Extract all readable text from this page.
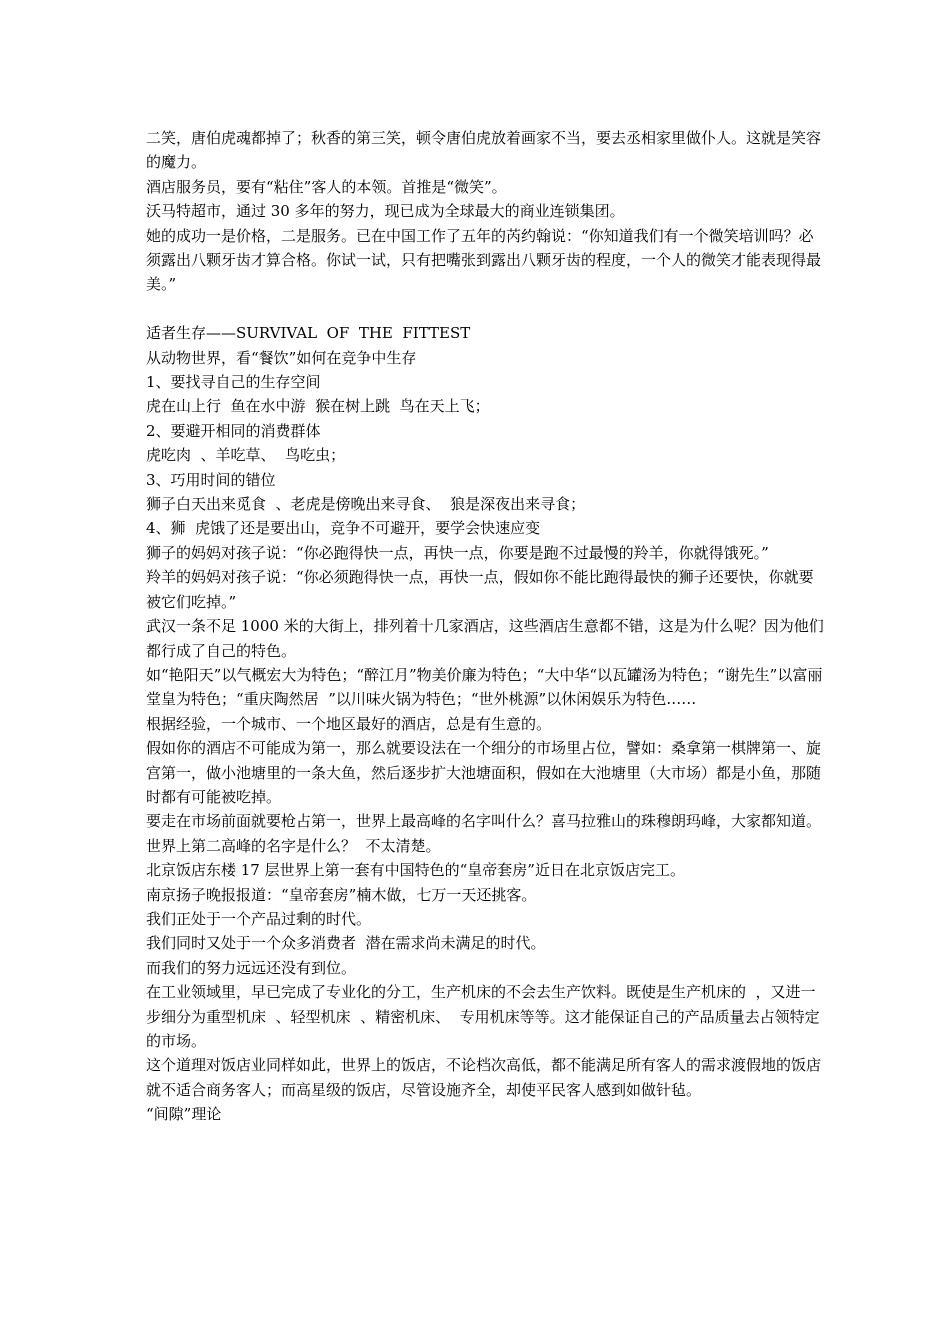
二笑，唐伯虎魂都掉了；秋香的第三笑，顿令唐伯虎放着画家不当，要去丞相家里做仆人。这就是笑容的魔力。

酒店服务员，要有“粘住”客人的本领。首推是“微笑”。

沃马特超市，通过 30 多年的努力，现已成为全球最大的商业连锁集团。

她的成功一是价格，二是服务。已在中国工作了五年的芮约翰说：“你知道我们有一个微笑培训吗？必须露出八颗牙齿才算合格。你试一试，只有把嘴张到露出八颗牙齿的程度，一个人的微笑才能表现得最美。”

适者生存——SURVIVAL  OF  THE  FITTEST

从动物世界，看“餐饮”如何在竞争中生存

1、要找寻自己的生存空间

虎在山上行  鱼在水中游  猴在树上跳  鸟在天上飞；

2、要避开相同的消费群体

虎吃肉  、羊吃草、  鸟吃虫；

3、巧用时间的错位

狮子白天出来觅食  、老虎是傍晚出来寻食、  狼是深夜出来寻食；

4、狮  虎饿了还是要出山，竞争不可避开，要学会快速应变

狮子的妈妈对孩子说：“你必跑得快一点，再快一点，你要是跑不过最慢的羚羊，你就得饿死。”

羚羊的妈妈对孩子说：“你必须跑得快一点，再快一点，假如你不能比跑得最快的狮子还要快，你就要被它们吃掉。”

武汉一条不足 1000 米的大街上，排列着十几家酒店，这些酒店生意都不错，这是为什么呢？因为他们都行成了自己的特色。

如“艳阳天”以气概宏大为特色；“醉江月”物美价廉为特色；“大中华“以瓦罐汤为特色；“谢先生”以富丽堂皇为特色；“重庆陶然居  ”以川味火锅为特色；“世外桃源”以休闲娱乐为特色……

根据经验，一个城市、一个地区最好的酒店，总是有生意的。

假如你的酒店不可能成为第一，那么就要设法在一个细分的市场里占位，譬如：桑拿第一棋牌第一、旋宫第一，做小池塘里的一条大鱼，然后逐步扩大池塘面积，假如在大池塘里（大市场）都是小鱼，那随时都有可能被吃掉。

要走在市场前面就要枪占第一，世界上最高峰的名字叫什么？喜马拉雅山的珠穆朗玛峰，大家都知道。世界上第二高峰的名字是什么？  不太清楚。

北京饭店东楼 17 层世界上第一套有中国特色的“皇帝套房”近日在北京饭店完工。

南京扬子晚报报道：“皇帝套房”楠木做，七万一天还挑客。

我们正处于一个产品过剩的时代。

我们同时又处于一个众多消费者  潜在需求尚未满足的时代。

而我们的努力远远还没有到位。

在工业领域里，早已完成了专业化的分工，生产机床的不会去生产饮料。既使是生产机床的  ，又进一步细分为重型机床  、轻型机床  、精密机床、  专用机床等等。这才能保证自己的产品质量去占领特定的市场。

这个道理对饭店业同样如此，世界上的饭店，不论档次高低，都不能满足所有客人的需求渡假地的饭店就不适合商务客人；而高星级的饭店，尽管设施齐全，却使平民客人感到如做针毡。

“间隙”理论
